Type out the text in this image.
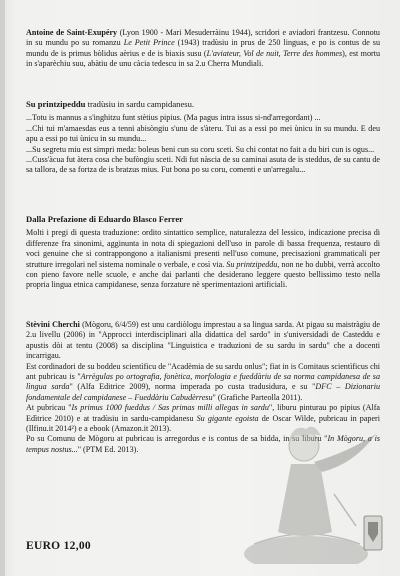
Antoine de Saint-Exupéry (Lyon 1900 - Mari Mesuderràinu 1944), scridori e aviadori frantzesu. Connotu in su mundu po su romanzu Le Petit Prince (1943) tradùsiu in prus de 250 linguas, e po is contus de su mundu de is primus bòlidus aèrius e de is biaxis susu (L'aviateur, Vol de nuit, Terre des hommes), est mortu in s'aparèchiu suu, abàtiu de unu càcia tedescu in sa 2.u Cherra Mundiali.

Su printzipeddu tradùsiu in sardu campidanesu.

...Totu is mannus a s'inghitzu funt stètius pipius. (Ma pagus intra issus si-nd'arregordant) ...

...Chi tui m'amaesdas eus a tenni abisòngiu s'unu de s'àteru. Tui as a essi po mei ùnicu in su mundu. E deu apu a essi po tui ùnicu in su mundu...

...Su segretu miu est simpri meda: boleus beni cun su coru sceti. Su chi contat no fait a du biri cun is ogus...

...Cuss'àcua fut àtera cosa che bufòngiu sceti. Ndi fut nàscia de su caminai asuta de is steddus, de su cantu de sa tallora, de sa fortza de is bratzus mius. Fut bona po su coru, comenti e un'arregalu...

Dalla Prefazione di Eduardo Blasco Ferrer

Molti i pregi di questa traduzione: ordito sintattico semplice, naturalezza del lessico, indicazione precisa di differenze fra sinonimi, agginunta in nota di spiegazioni dell'uso in parole di bassa frequenza, restauro di voci genuine che si contrappongono a italianismi presenti nell'uso comune, precisazioni grammaticali per strutture irregolari nel sistema nominale o verbale, e così via. Su printzipeddu, non ne ho dubbi, verrà accolto con pieno favore nelle scuole, e anche dai parlanti che desiderano leggere questo bellissimo testo nella propria lingua etnica campidanese, senza forzature nè sperimentazioni artificiali.

Stèvini Cherchi (Mògoru, 6/4/59) est unu cardiòlogu imprestau a sa lingua sarda. At pigau su maistràgiu de 2.u livellu (2006) in "Approcci interdisciplinari alla didattica del sardo" in s'universidadi de Casteddu e apustis dòi at tentu (2008) sa disciplina "Linguistica e traduzioni de su sardu in sardu" che a docenti incarrigau.

Est cordinadori de su boddeu scientìficu de "Acadèmia de su sardu onlus"; fiat in is Comitaus scientìficus chi ant pubricau is "Arrègulas po ortografia, fonètica, morfologia e fueddàriu de sa norma campidanesa de sa lìngua sarda" (Alfa Editrice 2009), norma imperada po custa tradusidura, e su "DFC – Dizionariu fondamentale del campidanese – Fueddàriu Cabudèrresu" (Grafiche Parteolla 2011).

At pubricau "Is primus 1000 fueddus / Sas primas milli allegas in sardu", liburu pinturau po pipius (Alfa Edìtrice 2010) e at tradùsiu in sardu-campidanesu Su gigante egoista de Oscar Wilde, pubricau in paperi (Ilfinu.it 2014²) e a ebook (Amazon.it 2013).

Po su Comunu de Mògoru at pubricau is arregordus e is contus de sa bidda, in su liburu "In Mògoru, a is tempus nostus..." (PTM Ed. 2013).

EURO 12,00
